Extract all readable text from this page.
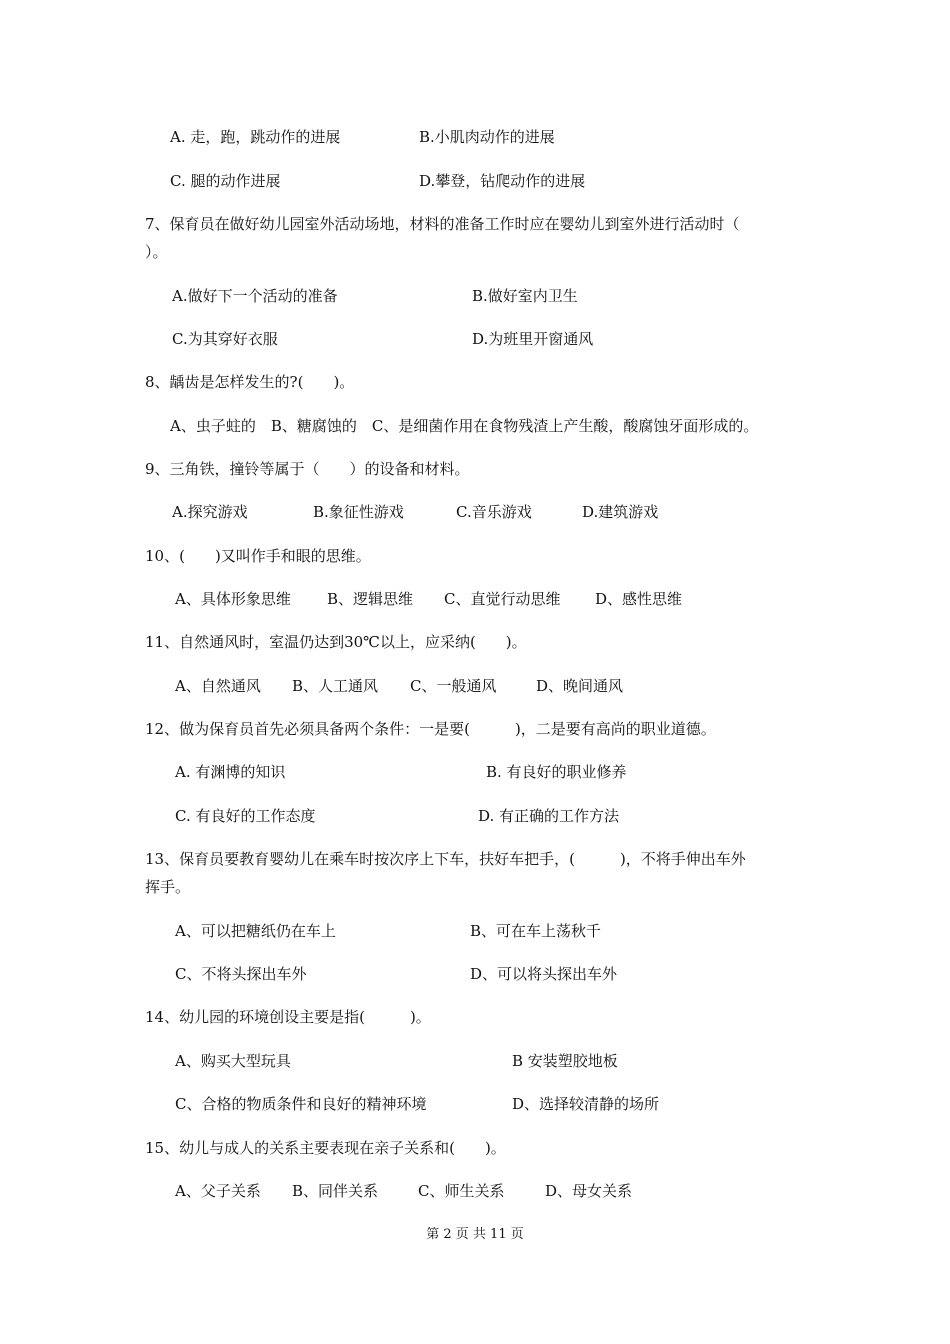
A. 走，跑，跳动作的进展	B.小肌肉动作的进展
C. 腿的动作进展	D.攀登，钻爬动作的进展
7、保育员在做好幼儿园室外活动场地，材料的准备工作时应在婴幼儿到室外进行活动时（
）。
A.做好下一个活动的准备	B.做好室内卫生
C.为其穿好衣服	D.为班里开窗通风
8、龋齿是怎样发生的?(　　)。
A、虫子蛀的　B、糖腐蚀的　C、是细菌作用在食物残渣上产生酸，酸腐蚀牙面形成的。
9、三角铁，撞铃等属于（　　）的设备和材料。
A.探究游戏	B.象征性游戏	C.音乐游戏	D.建筑游戏
10、(　　)又叫作手和眼的思维。
A、具体形象思维 B、逻辑思维 C、直觉行动思维 D、感性思维
11、自然通风时，室温仍达到30℃以上，应采纳(　　)。
A、自然通风 B、人工通风 C、一般通风	D、晚间通风
12、做为保育员首先必须具备两个条件：一是要(　　　)，二是要有高尚的职业道德。
A. 有渊博的知识	B. 有良好的职业修养
C. 有良好的工作态度	D. 有正确的工作方法
13、保育员要教育婴幼儿在乘车时按次序上下车，扶好车把手，(　　　)，不将手伸出车外
挥手。
A、可以把糖纸仍在车上	B、可在车上荡秋千
C、不将头探出车外	D、可以将头探出车外
14、幼儿园的环境创设主要是指(　　　)。
A、购买大型玩具	B 安装塑胶地板
C、合格的物质条件和良好的精神环境	D、选择较清静的场所
15、幼儿与成人的关系主要表现在亲子关系和(　　)。
A、父子关系 B、同伴关系	C、师生关系	D、母女关系
第 2 页 共 11 页
